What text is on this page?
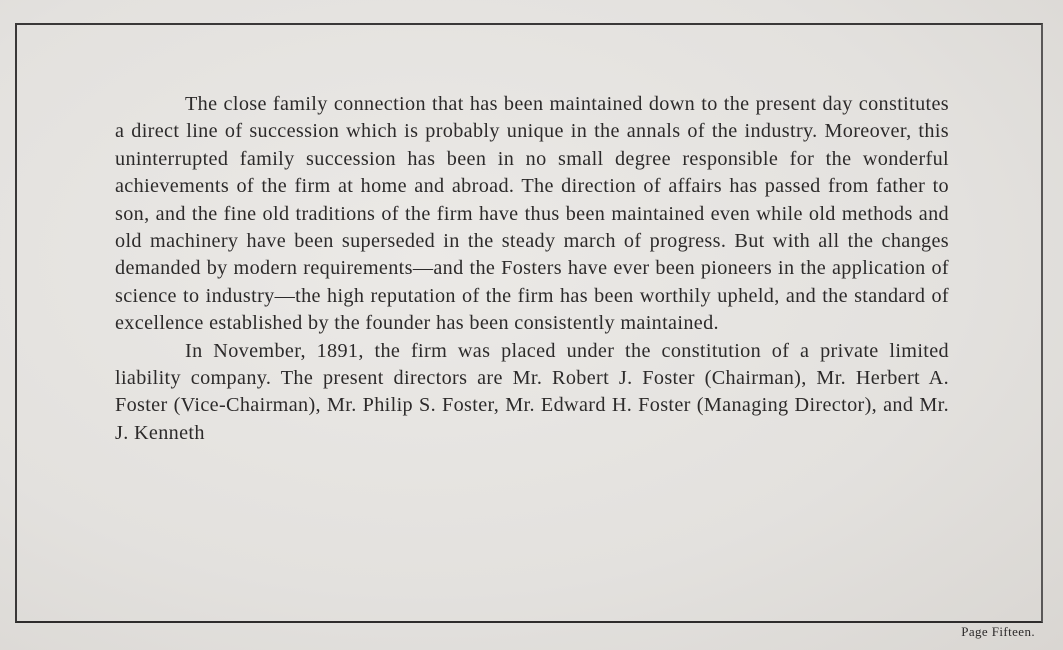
The close family connection that has been maintained down to the present day constitutes a direct line of succession which is probably unique in the annals of the industry. Moreover, this uninterrupted family succession has been in no small degree responsible for the wonderful achievements of the firm at home and abroad. The direction of affairs has passed from father to son, and the fine old traditions of the firm have thus been maintained even while old methods and old machinery have been superseded in the steady march of progress. But with all the changes demanded by modern requirements—and the Fosters have ever been pioneers in the application of science to industry—the high reputation of the firm has been worthily upheld, and the standard of excellence established by the founder has been consistently maintained.

In November, 1891, the firm was placed under the constitution of a private limited liability company. The present directors are Mr. Robert J. Foster (Chairman), Mr. Herbert A. Foster (Vice-Chairman), Mr. Philip S. Foster, Mr. Edward H. Foster (Managing Director), and Mr. J. Kenneth

Page Fifteen.
